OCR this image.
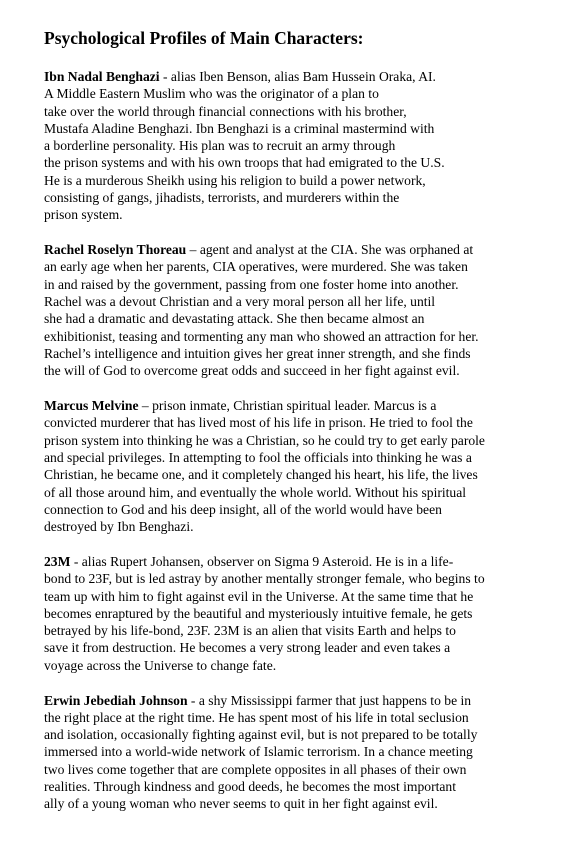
Psychological Profiles of Main Characters:
Ibn Nadal Benghazi - alias Iben Benson, alias Bam Hussein Oraka, AI.
A Middle Eastern Muslim who was the originator of a plan to
take over the world through financial connections with his brother,
Mustafa Aladine Benghazi. Ibn Benghazi is a criminal mastermind with
a borderline personality. His plan was to recruit an army through
the prison systems and with his own troops that had emigrated to the U.S.
He is a murderous Sheikh using his religion to build a power network,
consisting of gangs, jihadists, terrorists, and murderers within the
prison system.
Rachel Roselyn Thoreau – agent and analyst at the CIA. She was orphaned at
an early age when her parents, CIA operatives, were murdered. She was taken
in and raised by the government, passing from one foster home into another.
Rachel was a devout Christian and a very moral person all her life, until
she had a dramatic and devastating attack. She then became almost an
exhibitionist, teasing and tormenting any man who showed an attraction for her.
Rachel’s intelligence and intuition gives her great inner strength, and she finds
the will of God to overcome great odds and succeed in her fight against evil.
Marcus Melvine – prison inmate, Christian spiritual leader. Marcus is a
convicted murderer that has lived most of his life in prison. He tried to fool the
prison system into thinking he was a Christian, so he could try to get early parole
and special privileges. In attempting to fool the officials into thinking he was a
Christian, he became one, and it completely changed his heart, his life, the lives
of all those around him, and eventually the whole world. Without his spiritual
connection to God and his deep insight, all of the world would have been
destroyed by Ibn Benghazi.
23M - alias Rupert Johansen, observer on Sigma 9 Asteroid. He is in a life-
bond to 23F, but is led astray by another mentally stronger female, who begins to
team up with him to fight against evil in the Universe. At the same time that he
becomes enraptured by the beautiful and mysteriously intuitive female, he gets
betrayed by his life-bond, 23F. 23M is an alien that visits Earth and helps to
save it from destruction. He becomes a very strong leader and even takes a
voyage across the Universe to change fate.
Erwin Jebediah Johnson - a shy Mississippi farmer that just happens to be in
the right place at the right time. He has spent most of his life in total seclusion
and isolation, occasionally fighting against evil, but is not prepared to be totally
immersed into a world-wide network of Islamic terrorism. In a chance meeting
two lives come together that are complete opposites in all phases of their own
realities. Through kindness and good deeds, he becomes the most important
ally of a young woman who never seems to quit in her fight against evil.
